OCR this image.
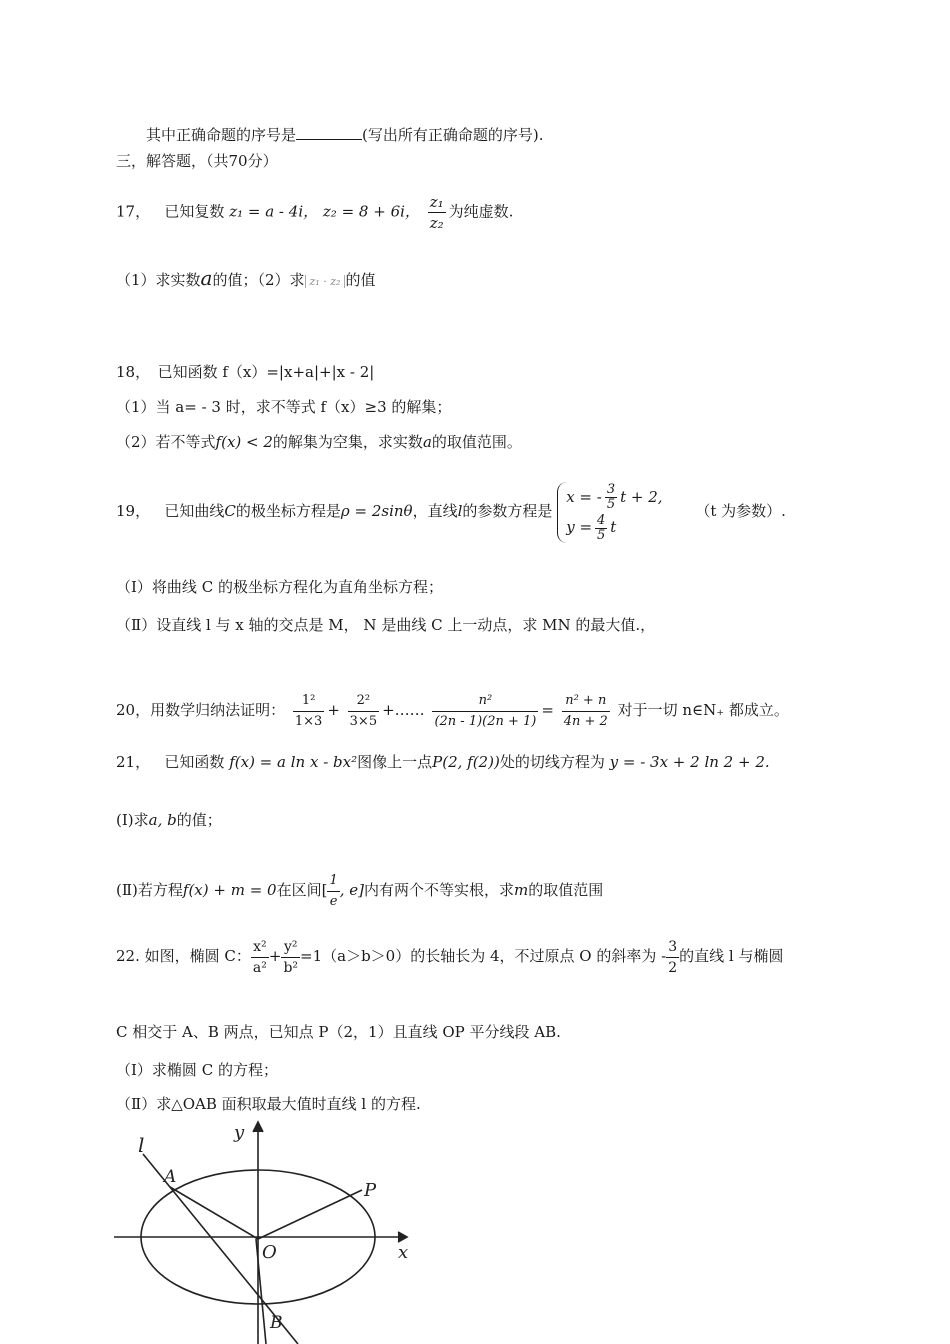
其中正确命题的序号是	(写出所有正确命题的序号).
三，解答题，（共70分）
17， 已知复数 z₁ = a - 4i， z₂ = 8 + 6i， $\frac{\text{z₁}}{\text{z₂}}$ 为纯虚数.
（1）求实数a的值；（2）求 z₁ · z₂ 的值
18，　已知函数 f（x）=|x+a|+|x - 2|
（1）当 a= - 3 时，求不等式 f（x）≥3 的解集；
（2）若不等式f(x) < 2的解集为空集，求实数a的取值范围。
19， 已知曲线C的极坐标方程是ρ = 2sinθ，直线l的参数方程是
x = - $\frac{3}{5}$ t + 2,
$y = \frac{4}{5}$ t
（t 为参数）.
（Ⅰ）将曲线 C 的极坐标方程化为直角坐标方程；
（Ⅱ）设直线 l 与 x 轴的交点是 M， N 是曲线 C 上一动点，求 MN 的最大值.，
20，用数学归纳法证明： $\frac{\text{1²}}{1\times 3} + \frac{\text{2²}}{3\times 5}$ +…… $\frac{\text{n²}}{(2n - 1)(2n + 1)} = \frac{\text{n² + n}}{4n + 2}$ 对于一切 n∈N₊ 都成立。
21， 已知函数 f(x) = a ln x - bx²图像上一点P(2, f(2))处的切线方程为 y = - 3x + 2 ln 2 + 2.
(Ⅰ)求a, b的值；
(Ⅱ)若方程f(x) + m = 0在区间[ $\frac{1}{e}$ , e]内有两个不等实根，求m的取值范围
22. 如图，椭圆 C： $\frac{\text{x²}}{\text{a²}} + \frac{\text{y²}}{\text{b²}} =1(a>b>0)$的长轴长为 4，不过原点 O 的斜率为 - $\frac{3}{2}$ 的直线 l 与椭圆
C 相交于 A、B 两点，已知点 P（2，1）且直线 OP 平分线段 AB.
（Ⅰ）求椭圆 C 的方程；
（Ⅱ）求△OAB 面积取最大值时直线 l 的方程.
l
y
A
P
O	x
B
